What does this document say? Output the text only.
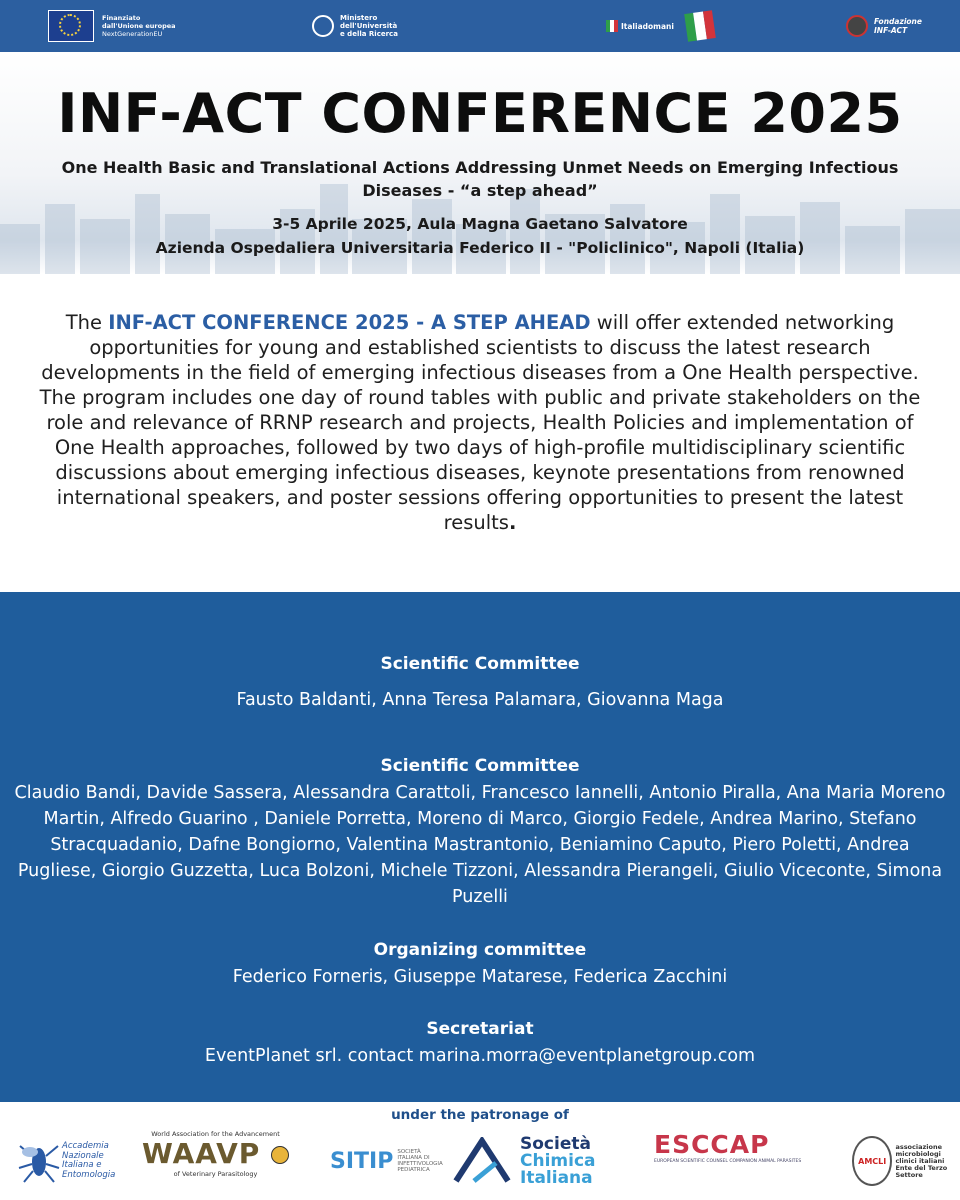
Finanziato
dall'Unione europea
NextGenerationEU
Ministero
dell'Università
e della Ricerca
Italiadomani	Fondazione
INF-ACT
INF-ACT CONFERENCE 2025
One Health Basic and Translational Actions Addressing Unmet Needs on Emerging Infectious
Diseases - “a step ahead”
3-5 Aprile 2025, Aula Magna Gaetano Salvatore
Azienda Ospedaliera Universitaria Federico II - "Policlinico", Napoli (Italia)
The INF-ACT CONFERENCE 2025 - A STEP AHEAD will offer extended networking opportunities for young and established scientists to discuss the latest research developments in the field of emerging infectious diseases from a One Health perspective. The program includes one day of round tables with public and private stakeholders on the role and relevance of RRNP research and projects, Health Policies and implementation of One Health approaches, followed by two days of high-profile multidisciplinary scientific discussions about emerging infectious diseases, keynote presentations from renowned international speakers, and poster sessions offering opportunities to present the latest results.
Scientific Committee
Fausto Baldanti, Anna Teresa Palamara, Giovanna Maga
Scientific Committee
Claudio Bandi, Davide Sassera, Alessandra Carattoli, Francesco Iannelli, Antonio Piralla, Ana Maria Moreno Martin, Alfredo Guarino , Daniele Porretta, Moreno di Marco, Giorgio Fedele, Andrea Marino, Stefano Stracquadanio, Dafne Bongiorno, Valentina Mastrantonio, Beniamino Caputo, Piero Poletti, Andrea Pugliese, Giorgio Guzzetta, Luca Bolzoni, Michele Tizzoni, Alessandra Pierangeli, Giulio Viceconte, Simona Puzelli
Organizing committee
Federico Forneris, Giuseppe Matarese, Federica Zacchini
Secretariat
EventPlanet srl. contact marina.morra@eventplanetgroup.com
under the patronage of
Accademia
Nazionale
Italiana e
Entomologia
World Association for the Advancement
WAAVP
of Veterinary Parasitology
SITIP SOCIETÀ
ITALIANA DI
INFETTIVOLOGIA
PEDIATRICA
Società
Chimica
Italiana
ESCCAP
EUROPEAN SCIENTIFIC COUNSEL COMPANION ANIMAL PARASITES	AMCLI
associazione
microbiologi
clinici italiani
Ente del Terzo Settore
